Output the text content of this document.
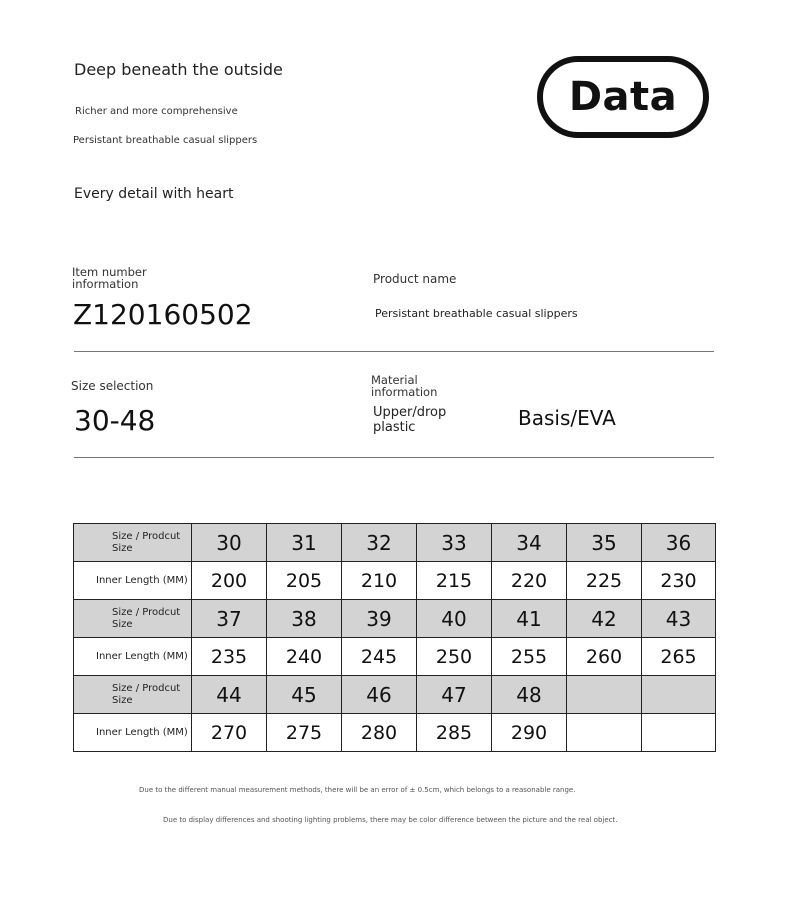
Deep beneath the outside
Richer and more comprehensive
Persistant breathable casual slippers
Every detail with heart
Data
Item number information
Z120160502
Product name
Persistant breathable casual slippers
Size selection
30-48
Material information
Upper/drop plastic	Basis/EVA
Size / Prodcut Size	30	31	32	33	34	35	36
Inner Length (MM)	200	205	210	215	220	225	230
Size / Prodcut Size	37	38	39	40	41	42	43
Inner Length (MM)	235	240	245	250	255	260	265
Size / Prodcut Size	44	45	46	47	48		
Inner Length (MM)	270	275	280	285	290		
Due to the different manual measurement methods, there will be an error of ± 0.5cm, which belongs to a reasonable range.
Due to display differences and shooting lighting problems, there may be color difference between the picture and the real object.
